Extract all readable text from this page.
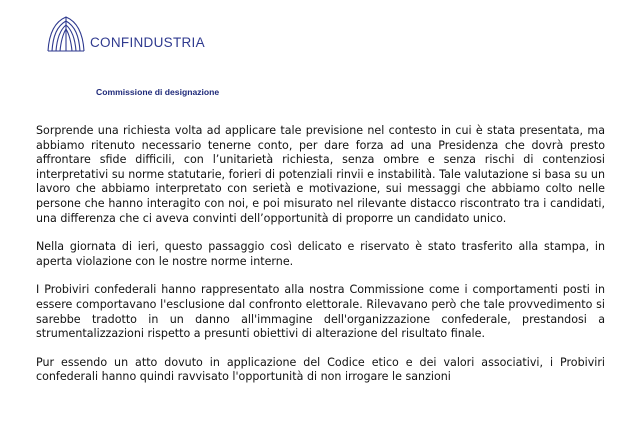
CONFINDUSTRIA
Commissione di designazione

Sorprende una richiesta volta ad applicare tale previsione nel contesto in cui è stata presentata, ma abbiamo ritenuto necessario tenerne conto, per dare forza ad una Presidenza che dovrà presto affrontare sfide difficili, con l’unitarietà richiesta, senza ombre e senza rischi di contenziosi interpretativi su norme statutarie, forieri di potenziali rinvii e instabilità. Tale valutazione si basa su un lavoro che abbiamo interpretato con serietà e motivazione, sui messaggi che abbiamo colto nelle persone che hanno interagito con noi, e poi misurato nel rilevante distacco riscontrato tra i candidati, una differenza che ci aveva convinti dell’opportunità di proporre un candidato unico.

Nella giornata di ieri, questo passaggio così delicato e riservato è stato trasferito alla stampa, in aperta violazione con le nostre norme interne.

I Probiviri confederali hanno rappresentato alla nostra Commissione come i comportamenti posti in essere comportavano l'esclusione dal confronto elettorale. Rilevavano però che tale provvedimento si sarebbe tradotto in un danno all'immagine dell'organizzazione confederale, prestandosi a strumentalizzazioni rispetto a presunti obiettivi di alterazione del risultato finale.

Pur essendo un atto dovuto in applicazione del Codice etico e dei valori associativi, i Probiviri confederali hanno quindi ravvisato l'opportunità di non irrogare le sanzioni
